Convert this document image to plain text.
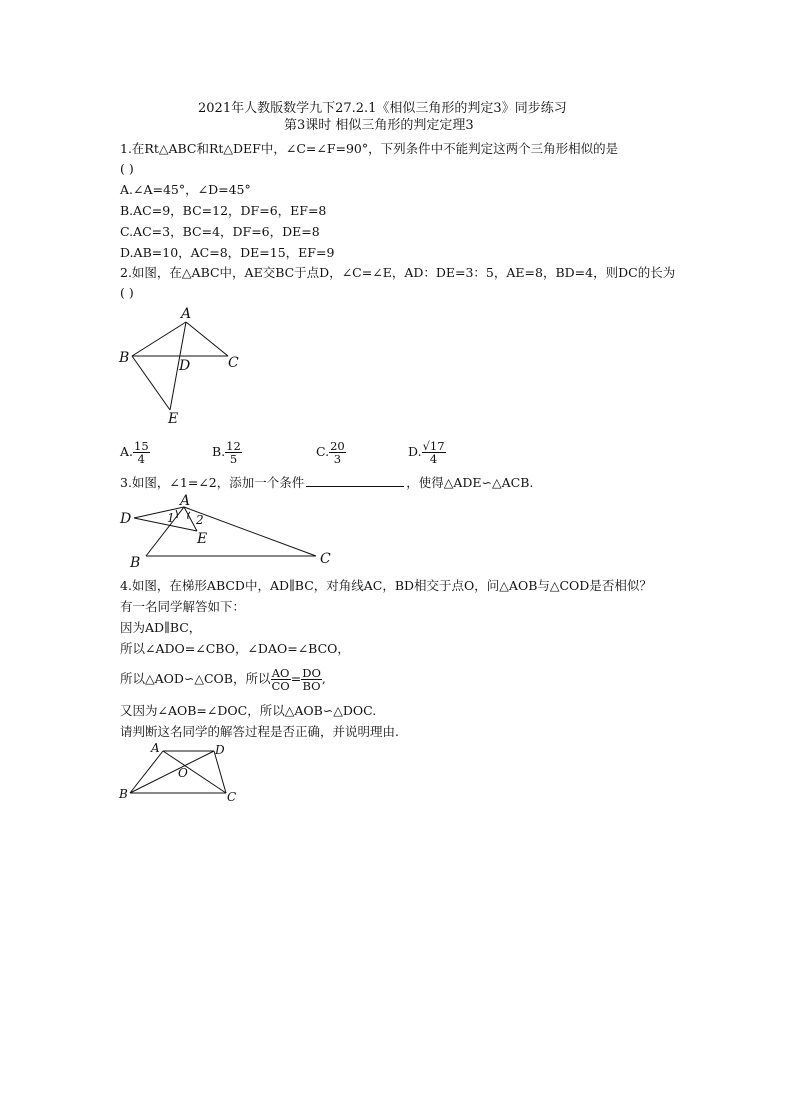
2021年人教版数学九下27.2.1《相似三角形的判定3》同步练习
第3课时 相似三角形的判定定理3
1.在Rt△ABC和Rt△DEF中，∠C=∠F=90°，下列条件中不能判定这两个三角形相似的是
( )
A.∠A=45°，∠D=45°
B.AC=9，BC=12，DF=6，EF=8
C.AC=3，BC=4，DF=6，DE=8
D.AB=10，AC=8，DE=15，EF=9
2.如图，在△ABC中，AE交BC于点D，∠C=∠E，AD：DE=3：5，AE=8，BD=4，则DC的长为
( )
A
B	C
D
E
A. $\frac{15}{4}$	B. $\frac{12}{5}$	C. $\frac{20}{3}$	D. $\frac{√17}{4}$
3.如图，∠1=∠2，添加一个条件	，使得△ADE∽△ACB.
A
D
E
B	C
1 2
4.如图，在梯形ABCD中，AD∥BC，对角线AC，BD相交于点O，问△AOB与△COD是否相似？
有一名同学解答如下：
因为AD∥BC，
所以∠ADO=∠CBO，∠DAO=∠BCO，
所以△AOD∽△COB，所以 $\frac{AO}{CO} = \frac{DO}{BO}$ ,
又因为∠AOB=∠DOC，所以△AOB∽△DOC.
请判断这名同学的解答过程是否正确，并说明理由.
A	D
O
B	C
